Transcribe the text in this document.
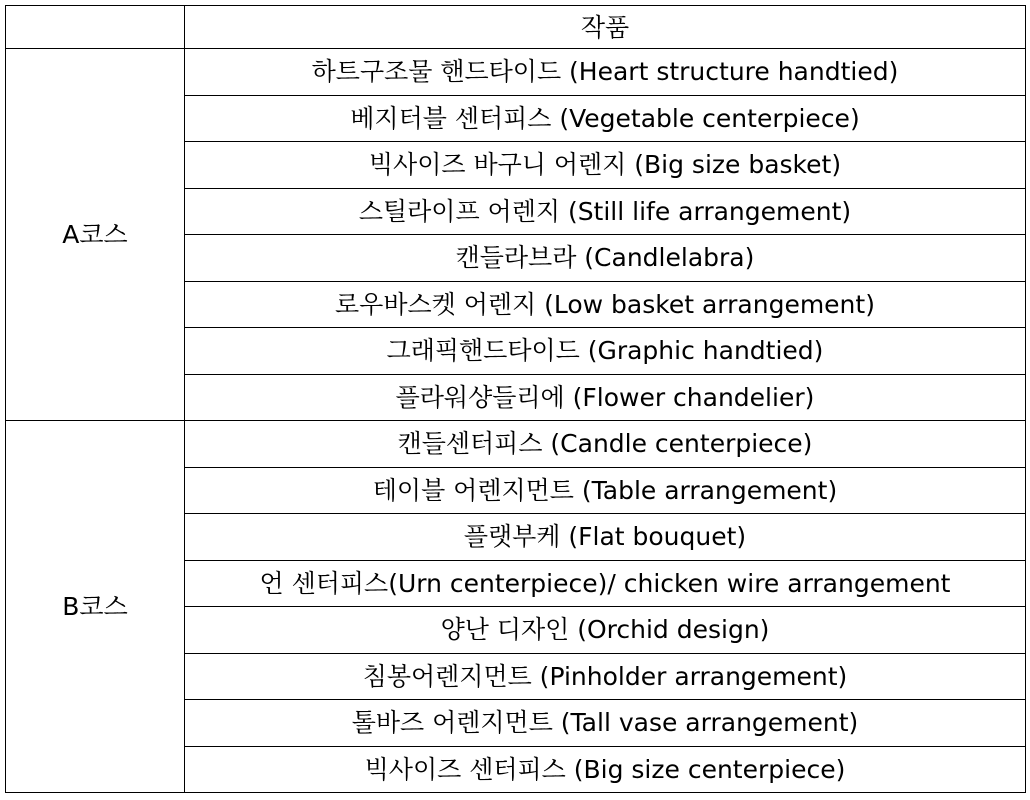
	작품
A코스	하트구조물 핸드타이드 (Heart structure handtied)
	베지터블 센터피스 (Vegetable centerpiece)
	빅사이즈 바구니 어렌지 (Big size basket)
	스틸라이프 어렌지 (Still life arrangement)
	캔들라브라 (Candlelabra)
	로우바스켓 어렌지 (Low basket arrangement)
	그래픽핸드타이드 (Graphic handtied)
	플라워샹들리에 (Flower chandelier)
B코스	캔들센터피스 (Candle centerpiece)
	테이블 어렌지먼트 (Table arrangement)
	플랫부케 (Flat bouquet)
	언 센터피스(Urn centerpiece)/ chicken wire arrangement
	양난 디자인 (Orchid design)
	침봉어렌지먼트 (Pinholder arrangement)
	톨바즈 어렌지먼트 (Tall vase arrangement)
	빅사이즈 센터피스 (Big size centerpiece)
